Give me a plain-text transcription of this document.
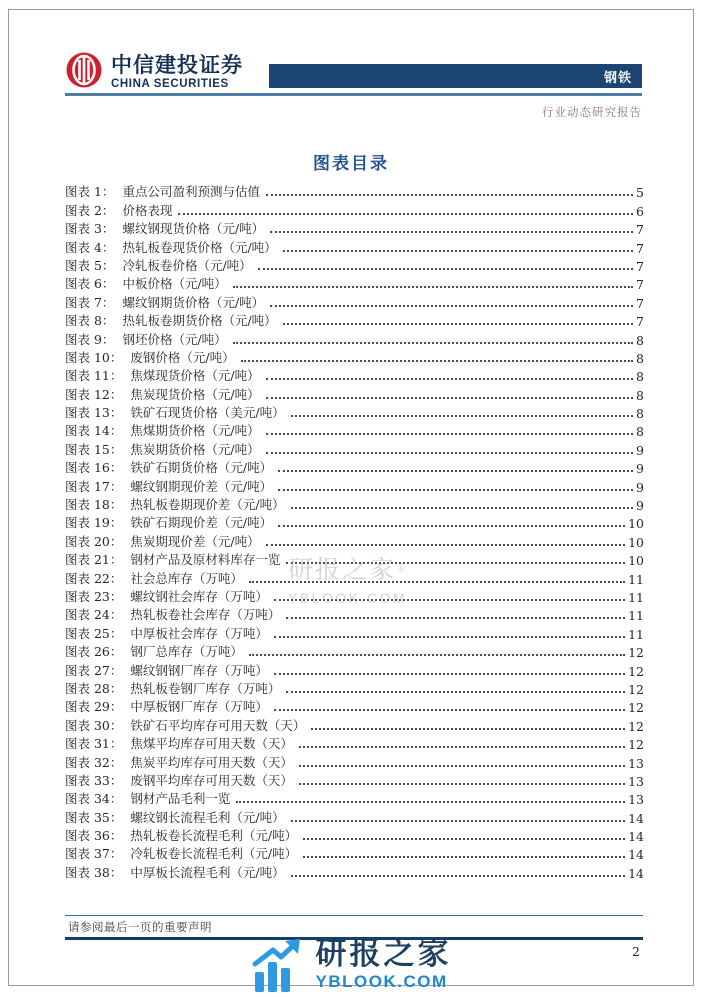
中信建投证券
CHINA SECURITIES	钢铁
行业动态研究报告
图表目录
图表 1： 重点公司盈利预测与估值	5
图表 2： 价格表现	6
图表 3： 螺纹钢现货价格（元/吨）	7
图表 4： 热轧板卷现货价格（元/吨）	7
图表 5： 冷轧板卷价格（元/吨）	7
图表 6： 中板价格（元/吨）	7
图表 7： 螺纹钢期货价格（元/吨）	7
图表 8： 热轧板卷期货价格（元/吨）	7
图表 9： 钢坯价格（元/吨）	8
图表 10： 废钢价格（元/吨）	8
图表 11： 焦煤现货价格（元/吨）	8
图表 12： 焦炭现货价格（元/吨）	8
图表 13： 铁矿石现货价格（美元/吨）	8
图表 14： 焦煤期货价格（元/吨）	8
图表 15： 焦炭期货价格（元/吨）	9
图表 16： 铁矿石期货价格（元/吨）	9
图表 17： 螺纹钢期现价差（元/吨）	9
图表 18： 热轧板卷期现价差（元/吨）	9
图表 19： 铁矿石期现价差（元/吨）	10
图表 20： 焦炭期现价差（元/吨）	10
图表 21： 钢材产品及原材料库存一览	10
图表 22： 社会总库存（万吨）	11
图表 23： 螺纹钢社会库存（万吨）	11
图表 24： 热轧板卷社会库存（万吨）	11
图表 25： 中厚板社会库存（万吨）	11
图表 26： 钢厂总库存（万吨）	12
图表 27： 螺纹钢钢厂库存（万吨）	12
图表 28： 热轧板卷钢厂库存（万吨）	12
图表 29： 中厚板钢厂库存（万吨）	12
图表 30： 铁矿石平均库存可用天数（天）	12
图表 31： 焦煤平均库存可用天数（天）	12
图表 32： 焦炭平均库存可用天数（天）	13
图表 33： 废钢平均库存可用天数（天）	13
图表 34： 钢材产品毛利一览	13
图表 35： 螺纹钢长流程毛利（元/吨）	14
图表 36： 热轧板卷长流程毛利（元/吨）	14
图表 37： 冷轧板卷长流程毛利（元/吨）	14
图表 38： 中厚板长流程毛利（元/吨）	14
研报之家①
YBLOOK.COM
请参阅最后一页的重要声明
2
研报之家
YBLOOK.COM
